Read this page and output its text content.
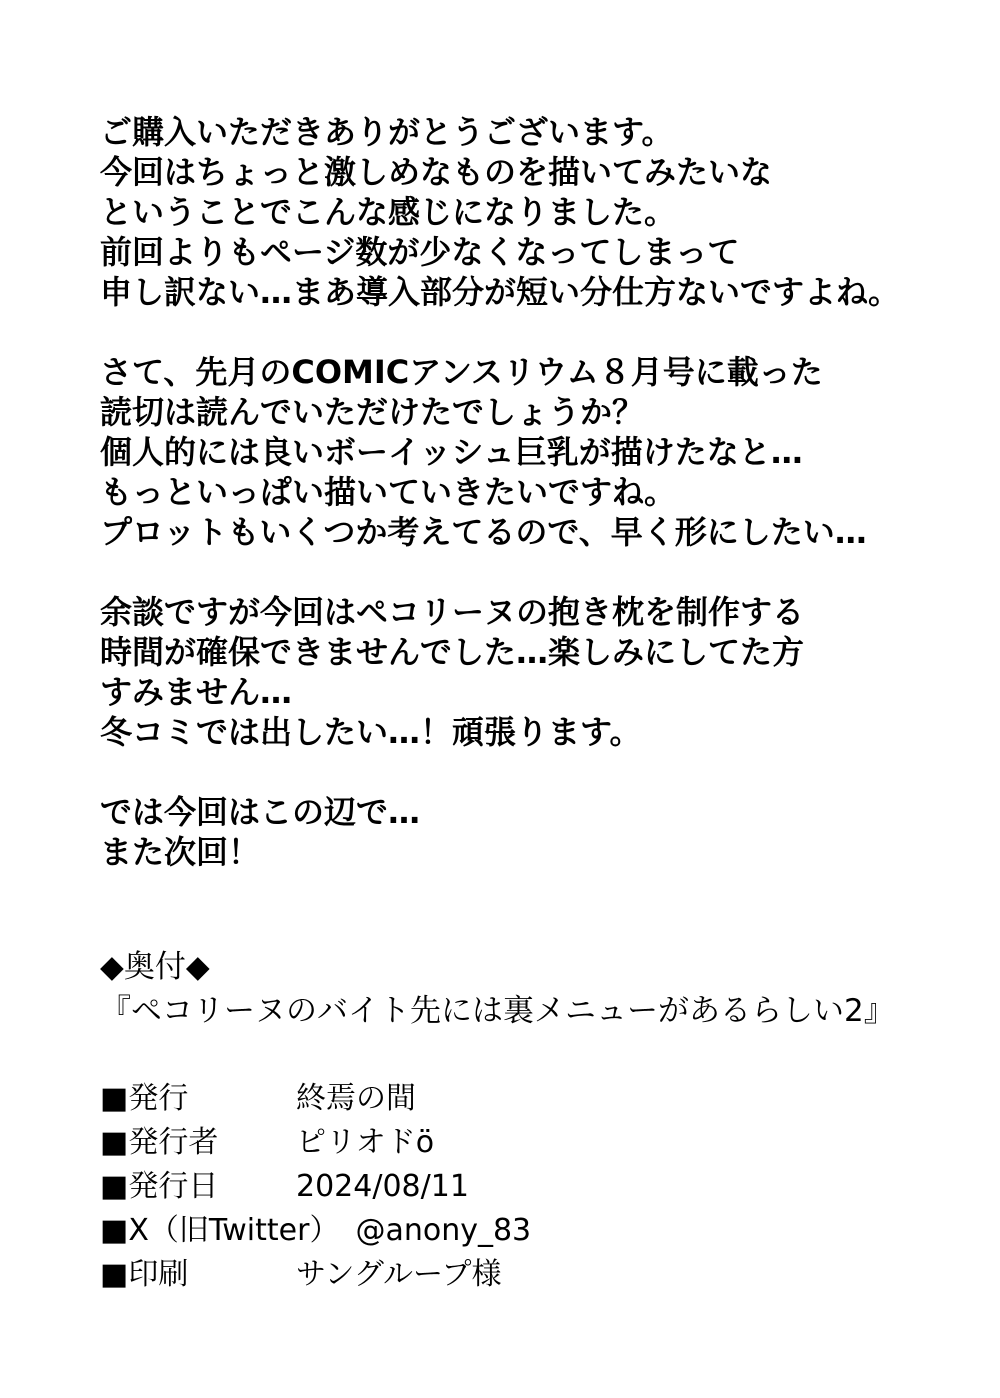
ご購入いただきありがとうございます。
今回はちょっと激しめなものを描いてみたいな
ということでこんな感じになりました。
前回よりもページ数が少なくなってしまって
申し訳ない…まあ導入部分が短い分仕方ないですよね。
さて、先月のCOMICアンスリウム８月号に載った
読切は読んでいただけたでしょうか？
個人的には良いボーイッシュ巨乳が描けたなと…
もっといっぱい描いていきたいですね。
プロットもいくつか考えてるので、早く形にしたい…
余談ですが今回はペコリーヌの抱き枕を制作する
時間が確保できませんでした…楽しみにしてた方
すみません…
冬コミでは出したい…！頑張ります。
では今回はこの辺で…
また次回！
◆奥付◆
『ペコリーヌのバイト先には裏メニューがあるらしい2』
■発行	終焉の間
■発行者	ピリオドö
■発行日	2024/08/11
■X（旧Twitter） @anony_83
■印刷	サングループ様
